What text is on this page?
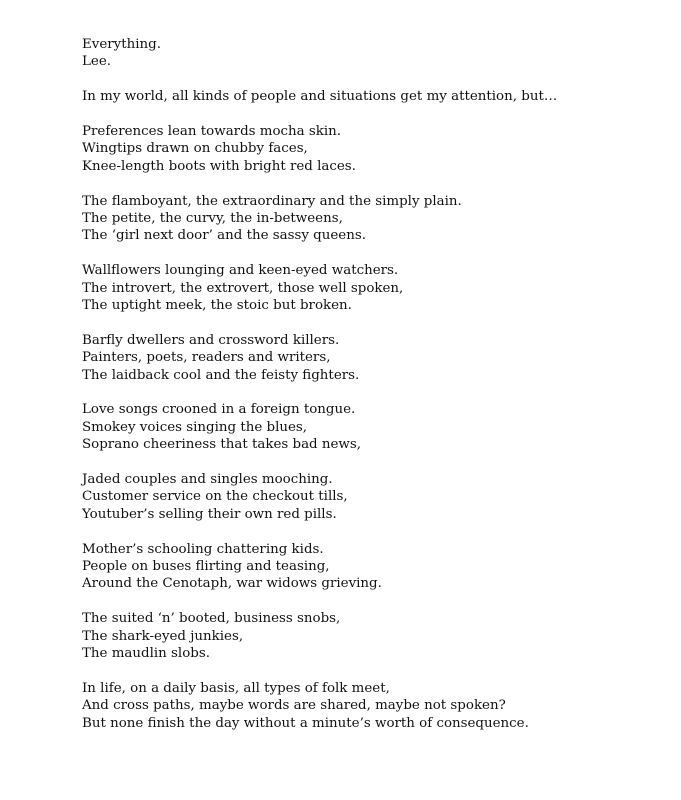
Everything.
Lee.
In my world, all kinds of people and situations get my attention, but…
Preferences lean towards mocha skin.
Wingtips drawn on chubby faces,
Knee-length boots with bright red laces.
The flamboyant, the extraordinary and the simply plain.
The petite, the curvy, the in-betweens,
The ‘girl next door’ and the sassy queens.
Wallflowers lounging and keen-eyed watchers.
The introvert, the extrovert, those well spoken,
The uptight meek, the stoic but broken.
Barfly dwellers and crossword killers.
Painters, poets, readers and writers,
The laidback cool and the feisty fighters.
Love songs crooned in a foreign tongue.
Smokey voices singing the blues,
Soprano cheeriness that takes bad news,
Jaded couples and singles mooching.
Customer service on the checkout tills,
Youtuber’s selling their own red pills.
Mother’s schooling chattering kids.
People on buses flirting and teasing,
Around the Cenotaph, war widows grieving.
The suited ‘n’ booted, business snobs,
The shark-eyed junkies,
The maudlin slobs.
In life, on a daily basis, all types of folk meet,
And cross paths, maybe words are shared, maybe not spoken?
But none finish the day without a minute’s worth of consequence.
